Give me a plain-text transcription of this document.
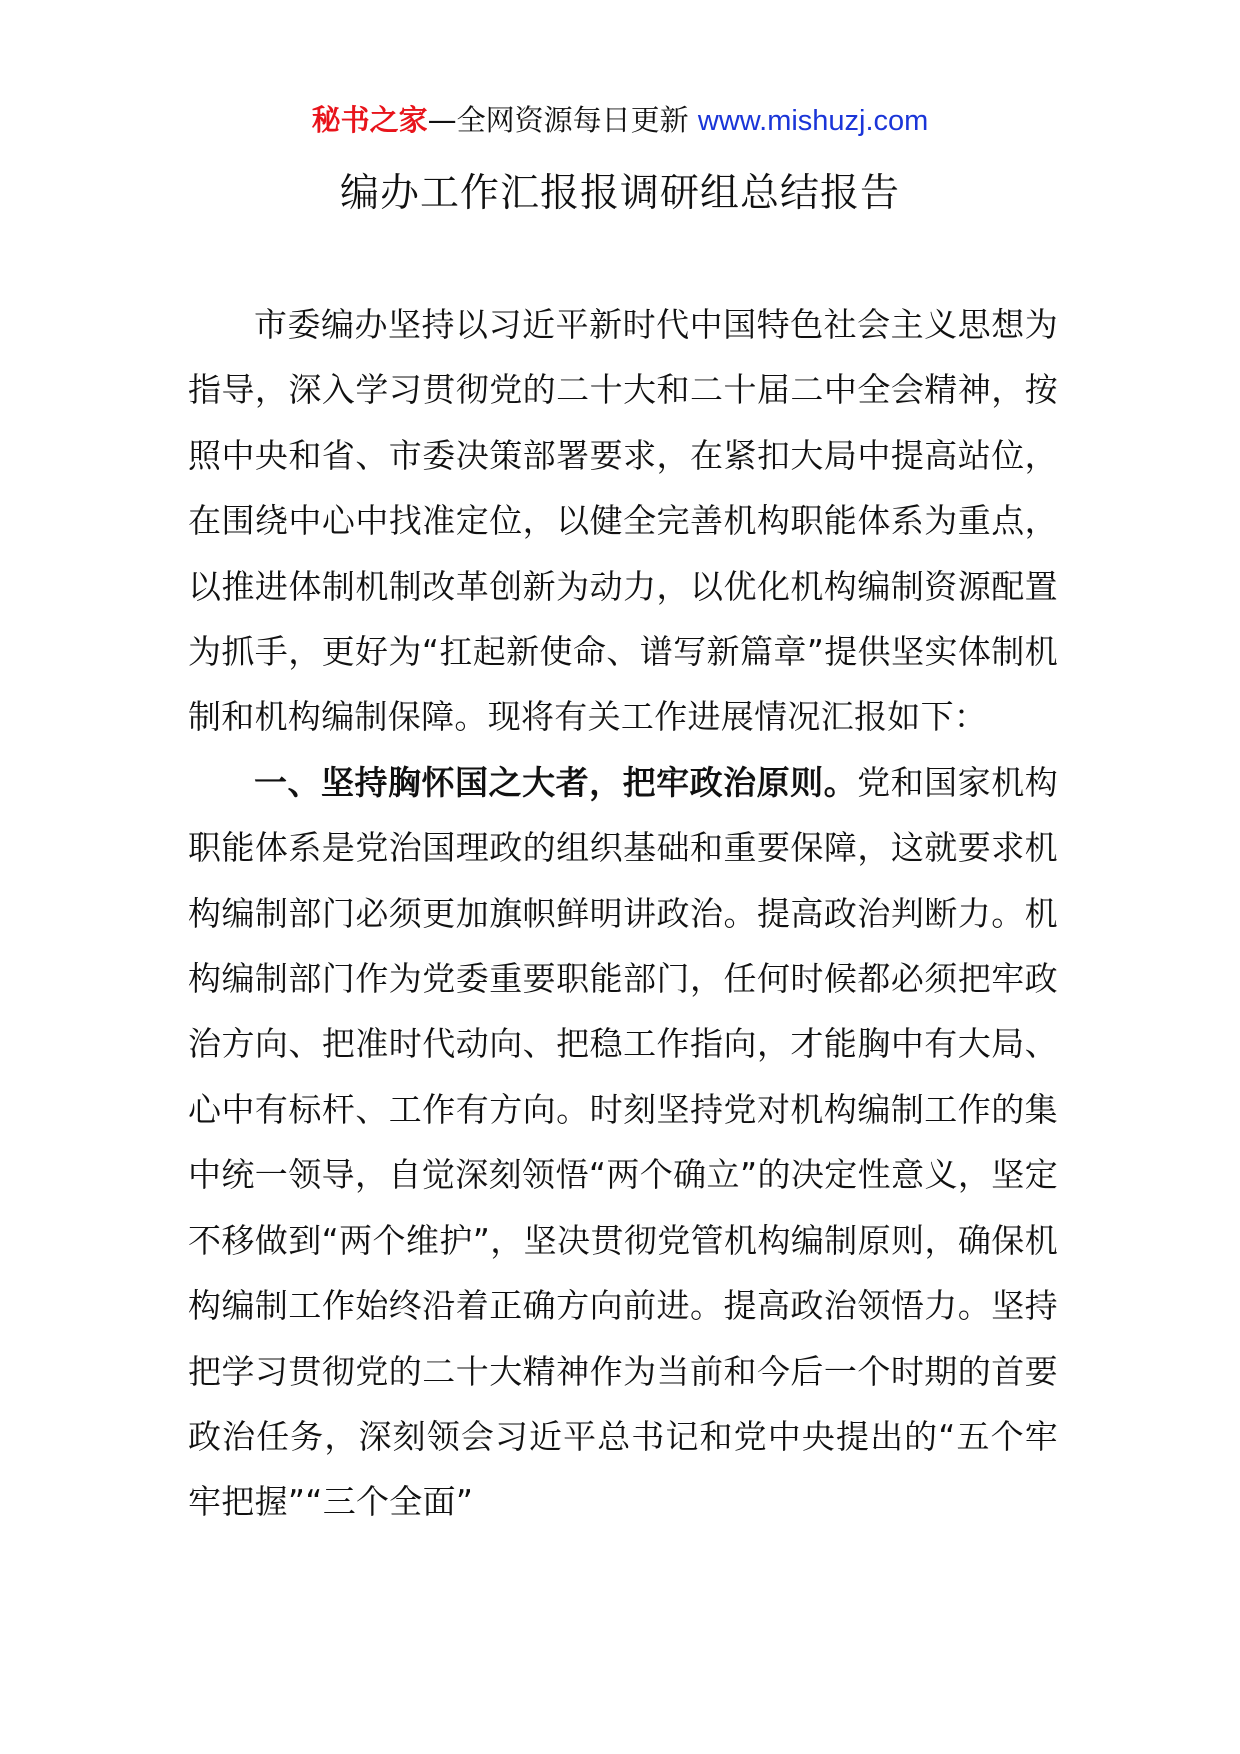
秘书之家—全网资源每日更新 www.mishuzj.com
编办工作汇报报调研组总结报告

市委编办坚持以习近平新时代中国特色社会主义思想为指导，深入学习贯彻党的二十大和二十届二中全会精神，按照中央和省、市委决策部署要求，在紧扣大局中提高站位，在围绕中心中找准定位，以健全完善机构职能体系为重点，以推进体制机制改革创新为动力，以优化机构编制资源配置为抓手，更好为“扛起新使命、谱写新篇章”提供坚实体制机制和机构编制保障。现将有关工作进展情况汇报如下：

一、坚持胸怀国之大者，把牢政治原则。党和国家机构职能体系是党治国理政的组织基础和重要保障，这就要求机构编制部门必须更加旗帜鲜明讲政治。提高政治判断力。机构编制部门作为党委重要职能部门，任何时候都必须把牢政治方向、把准时代动向、把稳工作指向，才能胸中有大局、心中有标杆、工作有方向。时刻坚持党对机构编制工作的集中统一领导，自觉深刻领悟“两个确立”的决定性意义，坚定不移做到“两个维护”，坚决贯彻党管机构编制原则，确保机构编制工作始终沿着正确方向前进。提高政治领悟力。坚持把学习贯彻党的二十大精神作为当前和今后一个时期的首要政治任务，深刻领会习近平总书记和党中央提出的“五个牢牢把握”“三个全面”
